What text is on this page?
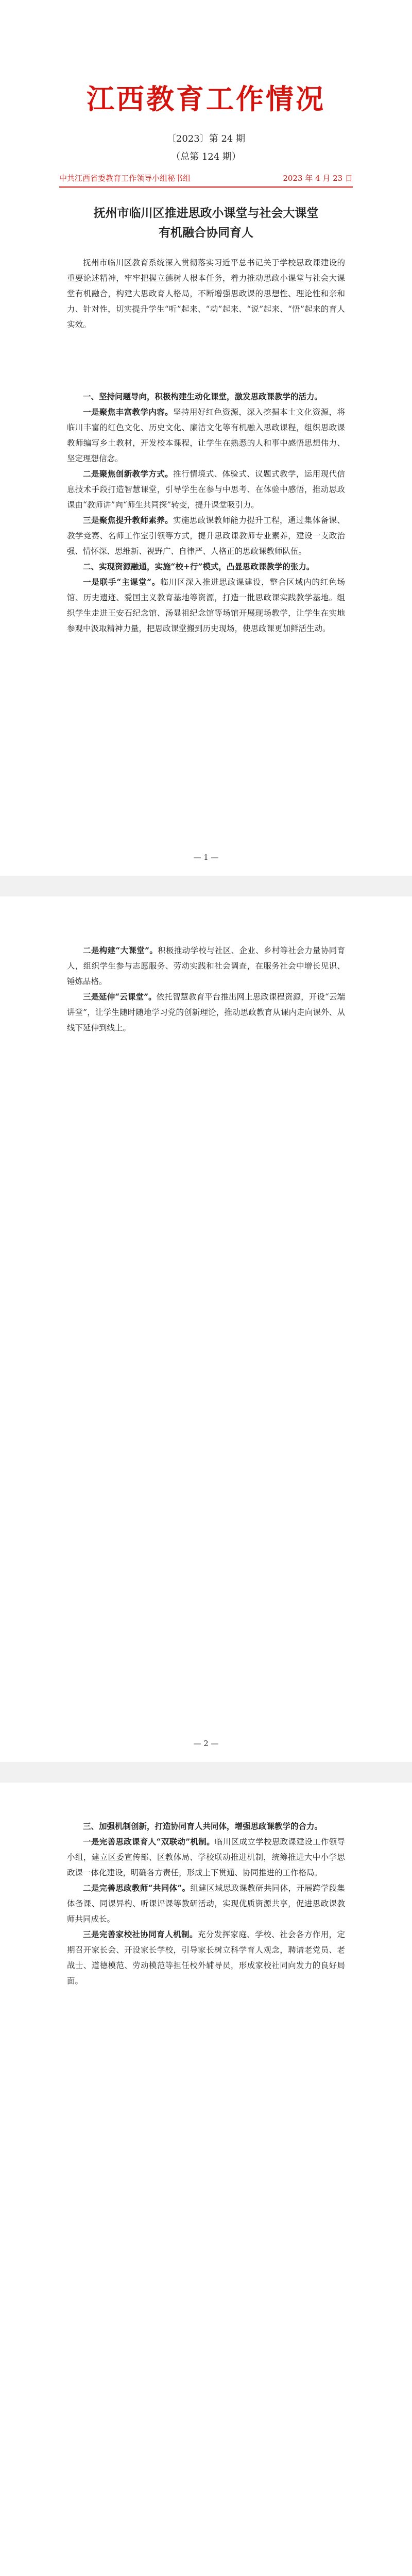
江西教育工作情况
〔2023〕第 24 期
（总第 124 期）
中共江西省委教育工作领导小组秘书组	2023 年 4 月 23 日
抚州市临川区推进思政小课堂与社会大课堂
有机融合协同育人

抚州市临川区教育系统深入贯彻落实习近平总书记关于学校思政课建设的重要论述精神，牢牢把握立德树人根本任务，着力推动思政小课堂与社会大课堂有机融合，构建大思政育人格局，不断增强思政课的思想性、理论性和亲和力、针对性，切实提升学生“听”起来、“动”起来、“说”起来、“悟”起来的育人实效。

一、坚持问题导向，积极构建生动化课堂，激发思政课教学的活力。

一是聚焦丰富教学内容。坚持用好红色资源，深入挖掘本土文化资源，将临川丰富的红色文化、历史文化、廉洁文化等有机融入思政课程，组织思政课教师编写乡土教材，开发校本课程，让学生在熟悉的人和事中感悟思想伟力、坚定理想信念。

二是聚焦创新教学方式。推行情境式、体验式、议题式教学，运用现代信息技术手段打造智慧课堂，引导学生在参与中思考、在体验中感悟，推动思政课由“教师讲”向“师生共同探”转变，提升课堂吸引力。

三是聚焦提升教师素养。实施思政课教师能力提升工程，通过集体备课、教学竞赛、名师工作室引领等方式，提升思政课教师专业素养，建设一支政治强、情怀深、思维新、视野广、自律严、人格正的思政课教师队伍。

二、实现资源融通，实施“校+行”模式，凸显思政课教学的张力。

一是联手“主课堂”。临川区深入推进思政课建设，整合区域内的红色场馆、历史遗迹、爱国主义教育基地等资源，打造一批思政课实践教学基地。组织学生走进王安石纪念馆、汤显祖纪念馆等场馆开展现场教学，让学生在实地参观中汲取精神力量，把思政课堂搬到历史现场，使思政课更加鲜活生动。

— 1 —

二是构建“大课堂”。积极推动学校与社区、企业、乡村等社会力量协同育人，组织学生参与志愿服务、劳动实践和社会调查，在服务社会中增长见识、锤炼品格。

三是延伸“云课堂”。依托智慧教育平台推出网上思政课程资源，开设“云端讲堂”，让学生随时随地学习党的创新理论，推动思政教育从课内走向课外、从线下延伸到线上。

— 2 —

三、加强机制创新，打造协同育人共同体，增强思政课教学的合力。

一是完善思政课育人“双联动”机制。临川区成立学校思政课建设工作领导小组，建立区委宣传部、区教体局、学校联动推进机制，统筹推进大中小学思政课一体化建设，明确各方责任，形成上下贯通、协同推进的工作格局。

二是完善思政教师“共同体”。组建区域思政课教研共同体，开展跨学段集体备课、同课异构、听课评课等教研活动，实现优质资源共享，促进思政课教师共同成长。

三是完善家校社协同育人机制。充分发挥家庭、学校、社会各方作用，定期召开家长会、开设家长学校，引导家长树立科学育人观念，聘请老党员、老战士、道德模范、劳动模范等担任校外辅导员，形成家校社同向发力的良好局面。
